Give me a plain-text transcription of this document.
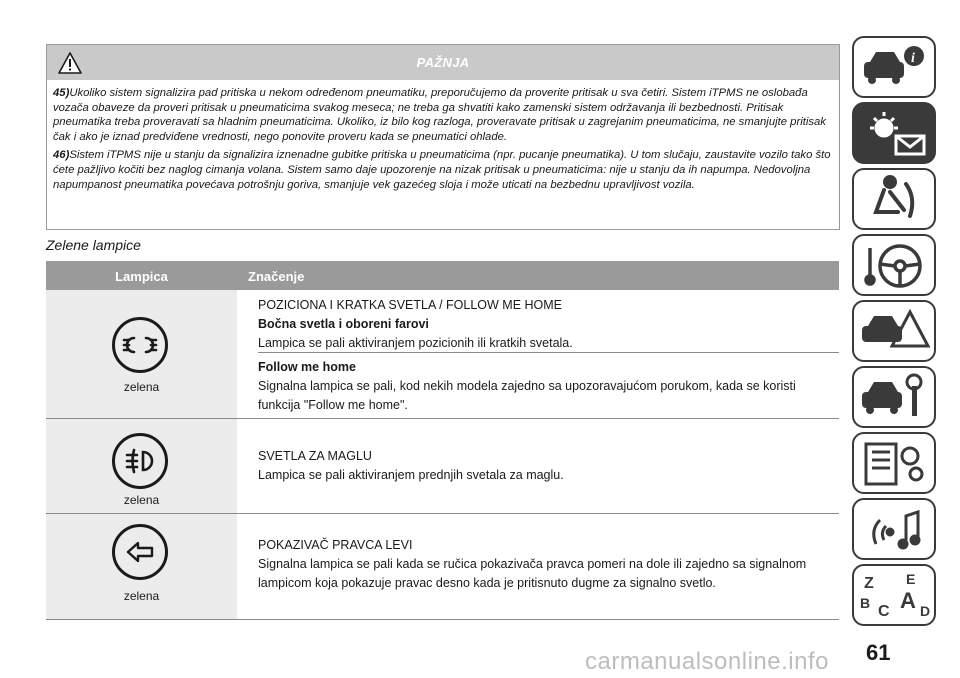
PAŽNJA

45)Ukoliko sistem signalizira pad pritiska u nekom određenom pneumatiku, preporučujemo da proverite pritisak u sva četiri. Sistem iTPMS ne oslobađa vozača obaveze da proveri pritisak u pneumaticima svakog meseca; ne treba ga shvatiti kako zamenski sistem održavanja ili bezbednosti. Pritisak pneumatika treba proveravati sa hladnim pneumaticima. Ukoliko, iz bilo kog razloga, proveravate pritisak u zagrejanim pneumaticima, ne smanjujte pritisak čak i ako je iznad predviđene vrednosti, nego ponovite proveru kada se pneumatici ohlade.

46)Sistem iTPMS nije u stanju da signalizira iznenadne gubitke pritiska u pneumaticima (npr. pucanje pneumatika). U tom slučaju, zaustavite vozilo tako što ćete pažljivo kočiti bez naglog cimanja volana. Sistem samo daje upozorenje na nizak pritisak u pneumaticima: nije u stanju da ih napumpa. Nedovoljna napumpanost pneumatika povećava potrošnju goriva, smanjuje vek gazećeg sloja i može uticati na bezbednu upravljivost vozila.

Zelene lampice
Lampica	Značenje
zelena
POZICIONA I KRATKA SVETLA / FOLLOW ME HOME
Bočna svetla i oboreni farovi
Lampica se pali aktiviranjem pozicionih ili kratkih svetala.
Follow me home
Signalna lampica se pali, kod nekih modela zajedno sa upozoravajućom porukom, kada se koristi funkcija "Follow me home".
zelena
SVETLA ZA MAGLU
Lampica se pali aktiviranjem prednjih svetala za maglu.
zelena
POKAZIVAČ PRAVCA LEVI
Signalna lampica se pali kada se ručica pokazivača pravca pomeri na dole ili zajedno sa signalnom lampicom koja pokazuje pravac desno kada je pritisnuto dugme za signalno svetlo.
i
Z E
B C A D
61
carmanualsonline.info
